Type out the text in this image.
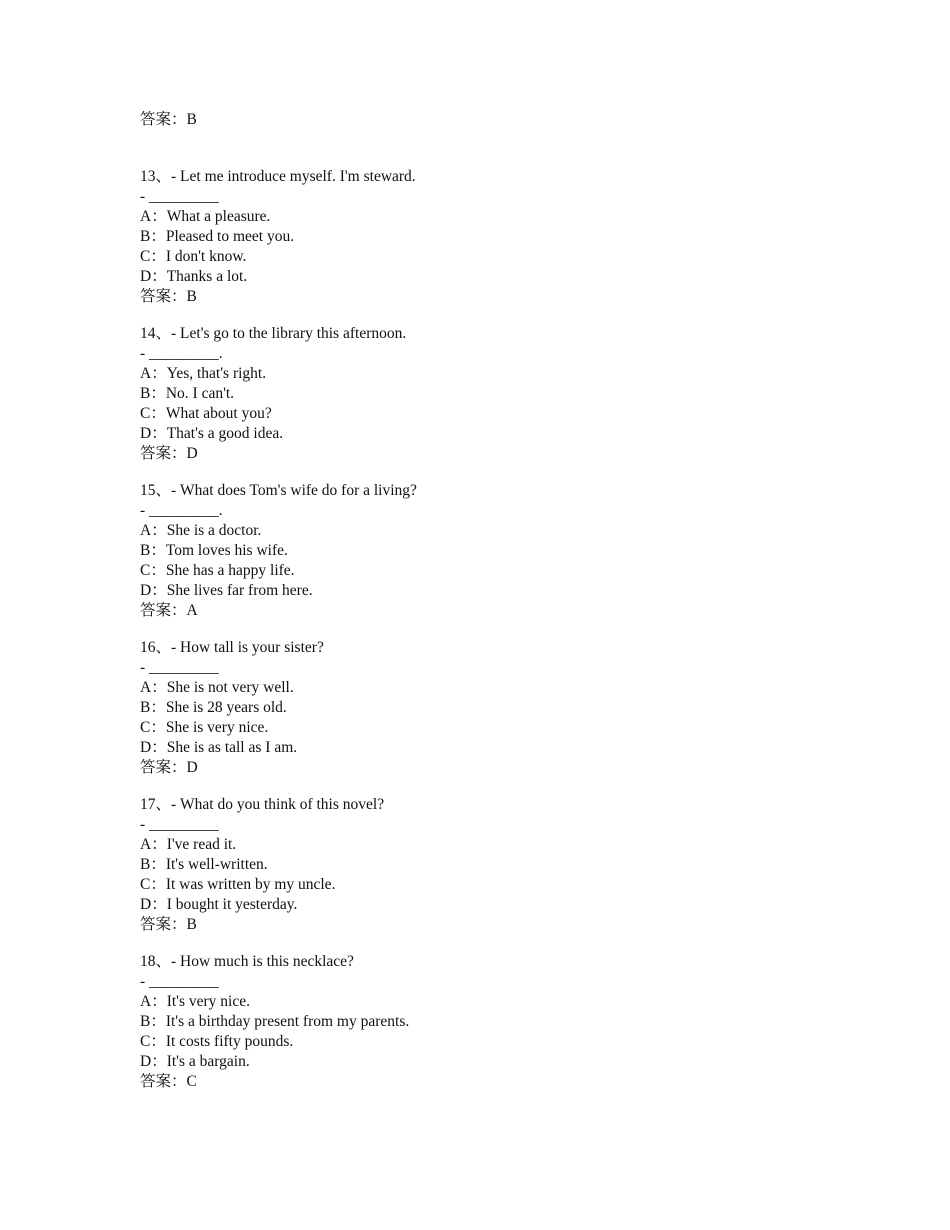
答案：B
13、- Let me introduce myself. I'm steward.
- _________
A：What a pleasure.
B：Pleased to meet you.
C：I don't know.
D：Thanks a lot.
答案：B
14、- Let's go to the library this afternoon.
- _________.
A：Yes, that's right.
B：No. I can't.
C：What about you?
D：That's a good idea.
答案：D
15、- What does Tom's wife do for a living?
- _________.
A：She is a doctor.
B：Tom loves his wife.
C：She has a happy life.
D：She lives far from here.
答案：A
16、- How tall is your sister?
- _________
A：She is not very well.
B：She is 28 years old.
C：She is very nice.
D：She is as tall as I am.
答案：D
17、- What do you think of this novel?
- _________
A：I've read it.
B：It's well-written.
C：It was written by my uncle.
D：I bought it yesterday.
答案：B
18、- How much is this necklace?
- _________
A：It's very nice.
B：It's a birthday present from my parents.
C：It costs fifty pounds.
D：It's a bargain.
答案：C
